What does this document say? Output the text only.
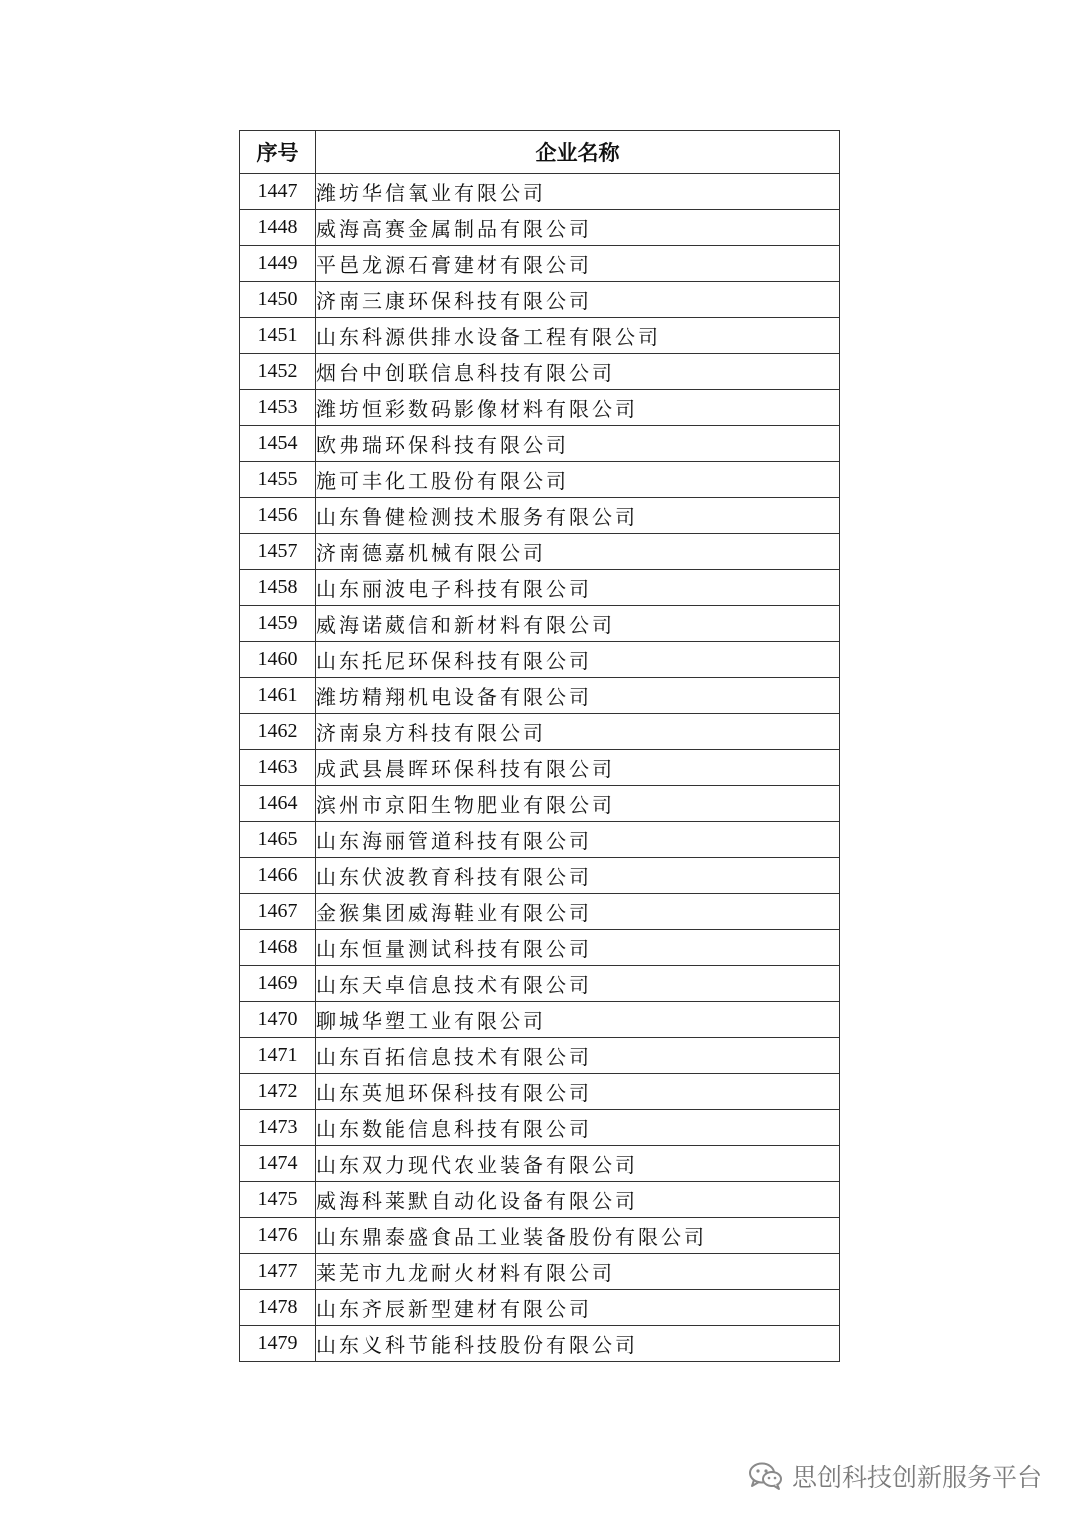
序号	企业名称
1447	潍坊华信氧业有限公司
1448	威海高赛金属制品有限公司
1449	平邑龙源石膏建材有限公司
1450	济南三康环保科技有限公司
1451	山东科源供排水设备工程有限公司
1452	烟台中创联信息科技有限公司
1453	潍坊恒彩数码影像材料有限公司
1454	欧弗瑞环保科技有限公司
1455	施可丰化工股份有限公司
1456	山东鲁健检测技术服务有限公司
1457	济南德嘉机械有限公司
1458	山东丽波电子科技有限公司
1459	威海诺葳信和新材料有限公司
1460	山东托尼环保科技有限公司
1461	潍坊精翔机电设备有限公司
1462	济南泉方科技有限公司
1463	成武县晨晖环保科技有限公司
1464	滨州市京阳生物肥业有限公司
1465	山东海丽管道科技有限公司
1466	山东伏波教育科技有限公司
1467	金猴集团威海鞋业有限公司
1468	山东恒量测试科技有限公司
1469	山东天卓信息技术有限公司
1470	聊城华塑工业有限公司
1471	山东百拓信息技术有限公司
1472	山东英旭环保科技有限公司
1473	山东数能信息科技有限公司
1474	山东双力现代农业装备有限公司
1475	威海科莱默自动化设备有限公司
1476	山东鼎泰盛食品工业装备股份有限公司
1477	莱芜市九龙耐火材料有限公司
1478	山东齐辰新型建材有限公司
1479	山东义科节能科技股份有限公司
思创科技创新服务平台
